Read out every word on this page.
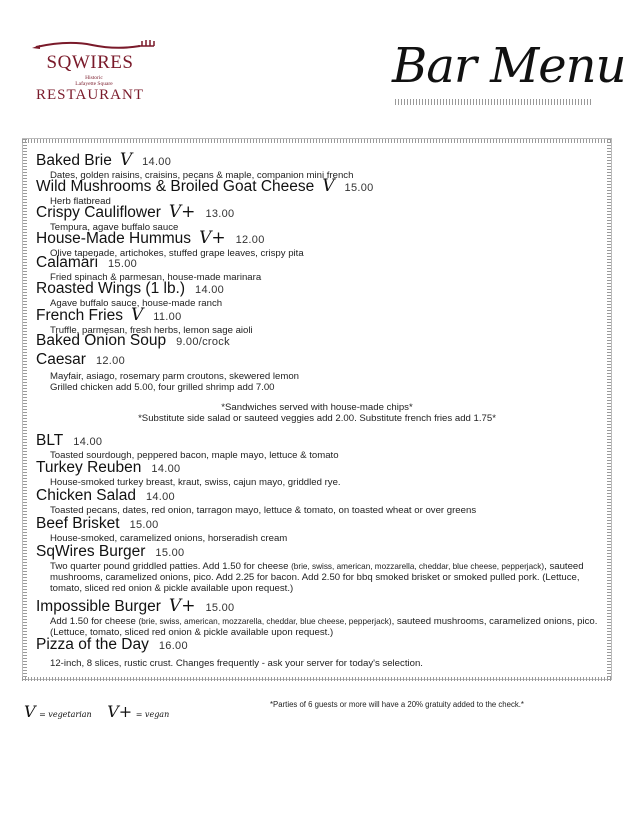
SQWIRES
Historic
Lafayette Square
RESTAURANT
Bar Menu
Baked Brie V 14.00
Dates, golden raisins, craisins, pecans & maple, companion mini french
Wild Mushrooms & Broiled Goat Cheese V 15.00
Herb flatbread
Crispy Cauliflower V+ 13.00
Tempura, agave buffalo sauce
House-Made Hummus V+ 12.00
Olive tapenade, artichokes, stuffed grape leaves, crispy pita
Calamari 15.00
Fried spinach & parmesan, house-made marinara
Roasted Wings (1 lb.) 14.00
Agave buffalo sauce, house-made ranch
French Fries V 11.00
Truffle, parmesan, fresh herbs, lemon sage aioli
Baked Onion Soup 9.00/crock
Caesar 12.00
Mayfair, asiago, rosemary parm croutons, skewered lemon
Grilled chicken add 5.00, four grilled shrimp add 7.00
*Sandwiches served with house-made chips*
*Substitute side salad or sauteed veggies add 2.00. Substitute french fries add 1.75*
BLT 14.00
Toasted sourdough, peppered bacon, maple mayo, lettuce & tomato
Turkey Reuben 14.00
House-smoked turkey breast, kraut, swiss, cajun mayo, griddled rye.
Chicken Salad 14.00
Toasted pecans, dates, red onion, tarragon mayo, lettuce & tomato, on toasted wheat or over greens
Beef Brisket 15.00
House-smoked, caramelized onions, horseradish cream
SqWires Burger 15.00
Two quarter pound griddled patties. Add 1.50 for cheese (brie, swiss, american, mozzarella, cheddar, blue cheese, pepperjack), sauteed mushrooms, caramelized onions, pico. Add 2.25 for bacon. Add 2.50 for bbq smoked brisket or smoked pulled pork. (Lettuce, tomato, sliced red onion & pickle available upon request.)
Impossible Burger V+ 15.00
Add 1.50 for cheese (brie, swiss, american, mozzarella, cheddar, blue cheese, pepperjack), sauteed mushrooms, caramelized onions, pico. (Lettuce, tomato, sliced red onion & pickle available upon request.)
Pizza of the Day 16.00
12-inch, 8 slices, rustic crust. Changes frequently - ask your server for today's selection.
V = vegetarian V+ = vegan
*Parties of 6 guests or more will have a 20% gratuity added to the check.*
